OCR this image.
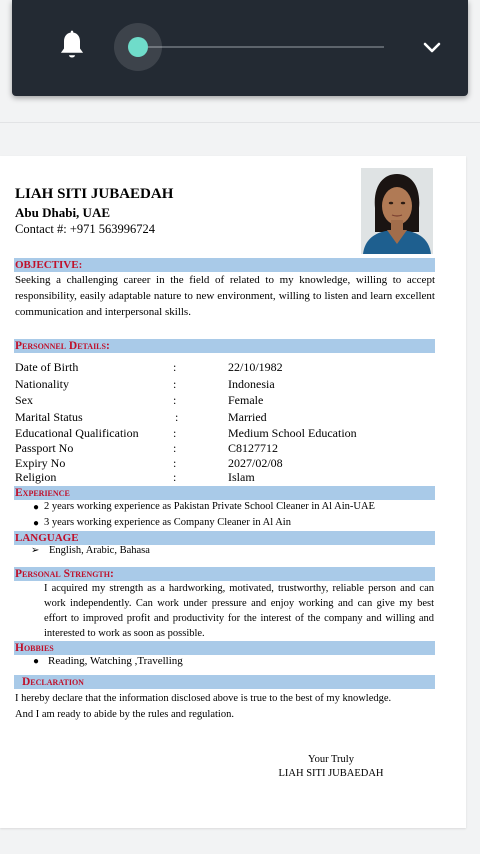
LIAH SITI JUBAEDAH
Abu Dhabi, UAE
Contact #: +971 563996724
OBJECTIVE:
Seeking a challenging career in the field of related to my knowledge, willing to accept responsibility, easily adaptable nature to new environment, willing to listen and learn excellent communication and interpersonal skills.
Personnel Details:
Date of Birth	:	22/10/1982
Nationality	:	Indonesia
Sex	:	Female
Marital Status	:	Married
Educational Qualification	:	Medium School Education
Passport No	:	C8127712
Expiry No	:	2027/02/08
Religion	:	Islam
Experience
● 2 years working experience as Pakistan Private School Cleaner in Al Ain-UAE
● 3 years working experience as Company Cleaner in Al Ain
LANGUAGE
➢ English, Arabic, Bahasa
Personal Strength:
I acquired my strength as a hardworking, motivated, trustworthy, reliable person and can work independently. Can work under pressure and enjoy working and can give my best effort to improved profit and productivity for the interest of the company and willing and interested to work as soon as possible.
Hobbies
● Reading, Watching ,Travelling
Declaration
I hereby declare that the information disclosed above is true to the best of my knowledge.
And I am ready to abide by the rules and regulation.
Your Truly
LIAH SITI JUBAEDAH
